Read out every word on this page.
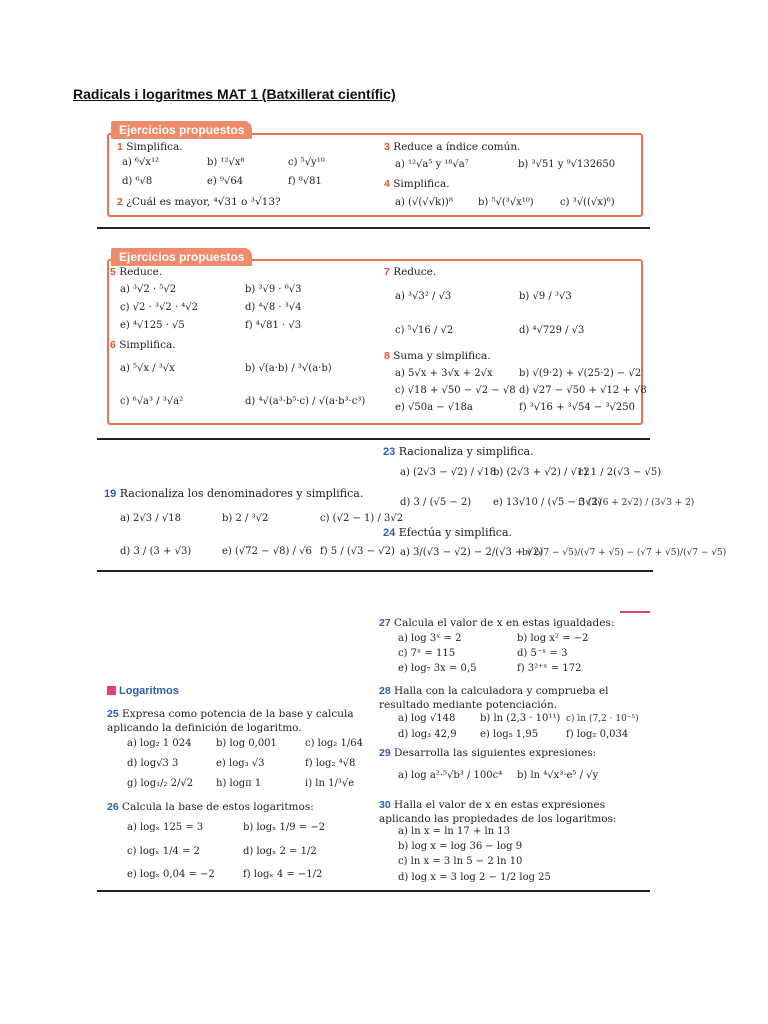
Radicals i logaritmes MAT 1 (Batxillerat científic)
Ejercicios propuestos
1 Simplifica.
a) ⁶√x¹²	b) ¹²√x⁸	c) ⁵√y¹⁰
d) ⁶√8	e) ⁹√64	f) ⁸√81
2 ¿Cuál es mayor, ⁴√31 o ³√13?
3 Reduce a índice común.
a) ¹²√a⁵ y ¹⁸√a⁷	b) ³√51 y ⁹√132650
4 Simplifica.
a) (√(√√k))⁸	b) ⁵√(³√x¹⁰)	c) ³√((√x)⁶)
Ejercicios propuestos
5 Reduce.
a) ³√2 · ⁵√2	b) ³√9 · ⁶√3
c) √2 · ³√2 · ⁴√2	d) ⁴√8 · ³√4
e) ⁴√125 · √5	f) ⁴√81 · √3
6 Simplifica.
a) ⁵√x / ³√x	b) √(a·b) / ³√(a·b)
c) ⁶√a³ / ³√a²	d) ⁴√(a³·b⁵·c) / √(a·b³·c³)
7 Reduce.
a) ³√3² / √3	b) √9 / ³√3
c) ⁵√16 / √2	d) ⁴√729 / √3
8 Suma y simplifica.
a) 5√x + 3√x + 2√x	b) √(9·2) + √(25·2) − √2
c) √18 + √50 − √2 − √8 d) √27 − √50 + √12 + √8
e) √50a − √18a	f) ³√16 + ³√54 − ³√250
23 Racionaliza y simplifica.
a) (2√3 − √2) / √18
b) (2√3 + √2) / √12
c) 1 / 2(√3 − √5)
d) 3 / (√5 − 2) e) 13√10 / (√5 − 3√2)
f) (3√6 + 2√2) / (3√3 + 2)
24 Efectúa y simplifica.
a) 3/(√3 − √2) − 2/(√3 + √2)
b) (√7 − √5)/(√7 + √5) − (√7 + √5)/(√7 − √5)
19 Racionaliza los denominadores y simplifica.
a) 2√3 / √18	b) 2 / ³√2	c) (√2 − 1) / 3√2
d) 3 / (3 + √3)	e) (√72 − √8) / √6 f) 5 / (√3 − √2)
27 Calcula el valor de x en estas igualdades:
a) log 3ˣ = 2	b) log x² = −2
c) 7ˣ = 115	d) 5⁻ˣ = 3
e) log₇ 3x = 0,5	f) 3²⁺ˣ = 172
28 Halla con la calculadora y comprueba el resultado mediante potenciación.
a) log √148 b) ln (2,3 · 10¹¹) c) ln (7,2 · 10⁻⁵)
d) log₃ 42,9 e) log₅ 1,95	f) log₂ 0,034
29 Desarrolla las siguientes expresiones:
a) log a²·⁵√b³ / 100c⁴ b) ln ⁴√x³·e⁵ / √y
30 Halla el valor de x en estas expresiones aplicando las propiedades de los logaritmos:
a) ln x = ln 17 + ln 13
b) log x = log 36 − log 9
c) ln x = 3 ln 5 − 2 ln 10
d) log x = 3 log 2 − 1/2 log 25
Logaritmos
25 Expresa como potencia de la base y calcula aplicando la definición de logaritmo.
a) log₂ 1 024 b) log 0,001	c) log₂ 1/64
d) log√3 3	e) log₃ √3	f) log₂ ⁴√8
g) log₁/₂ 2/√2 h) logπ 1	i) ln 1/³√e
26 Calcula la base de estos logaritmos:
a) logₓ 125 = 3	b) logₓ 1/9 = −2
c) logₓ 1/4 = 2	d) logₓ 2 = 1/2
e) logₓ 0,04 = −2	f) logₓ 4 = −1/2
